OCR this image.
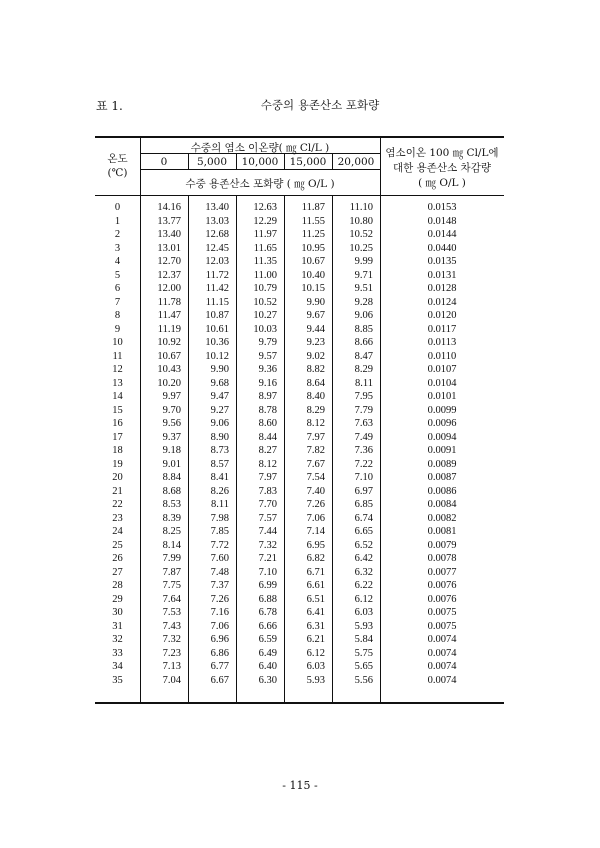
표 1.	수중의 용존산소 포화량
온도
(℃)
수중의 염소 이온량( ㎎ Cl/L )
0	5,000	10,000	15,000	20,000
수중 용존산소 포화량 ( ㎎ O/L )
염소이온 100 ㎎ Cl/L에
대한 용존산소 차감량
( ㎎ O/L )
0	14.16	13.40	12.63	11.87	11.10	0.0153
1	13.77	13.03	12.29	11.55	10.80	0.0148
2	13.40	12.68	11.97	11.25	10.52	0.0144
3	13.01	12.45	11.65	10.95	10.25	0.0440
4	12.70	12.03	11.35	10.67	9.99	0.0135
5	12.37	11.72	11.00	10.40	9.71	0.0131
6	12.00	11.42	10.79	10.15	9.51	0.0128
7	11.78	11.15	10.52	9.90	9.28	0.0124
8	11.47	10.87	10.27	9.67	9.06	0.0120
9	11.19	10.61	10.03	9.44	8.85	0.0117
10	10.92	10.36	9.79	9.23	8.66	0.0113
11	10.67	10.12	9.57	9.02	8.47	0.0110
12	10.43	9.90	9.36	8.82	8.29	0.0107
13	10.20	9.68	9.16	8.64	8.11	0.0104
14	9.97	9.47	8.97	8.40	7.95	0.0101
15	9.70	9.27	8.78	8.29	7.79	0.0099
16	9.56	9.06	8.60	8.12	7.63	0.0096
17	9.37	8.90	8.44	7.97	7.49	0.0094
18	9.18	8.73	8.27	7.82	7.36	0.0091
19	9.01	8.57	8.12	7.67	7.22	0.0089
20	8.84	8.41	7.97	7.54	7.10	0.0087
21	8.68	8.26	7.83	7.40	6.97	0.0086
22	8.53	8.11	7.70	7.26	6.85	0.0084
23	8.39	7.98	7.57	7.06	6.74	0.0082
24	8.25	7.85	7.44	7.14	6.65	0.0081
25	8.14	7.72	7.32	6.95	6.52	0.0079
26	7.99	7.60	7.21	6.82	6.42	0.0078
27	7.87	7.48	7.10	6.71	6.32	0.0077
28	7.75	7.37	6.99	6.61	6.22	0.0076
29	7.64	7.26	6.88	6.51	6.12	0.0076
30	7.53	7.16	6.78	6.41	6.03	0.0075
31	7.43	7.06	6.66	6.31	5.93	0.0075
32	7.32	6.96	6.59	6.21	5.84	0.0074
33	7.23	6.86	6.49	6.12	5.75	0.0074
34	7.13	6.77	6.40	6.03	5.65	0.0074
35	7.04	6.67	6.30	5.93	5.56	0.0074
- 115 -
